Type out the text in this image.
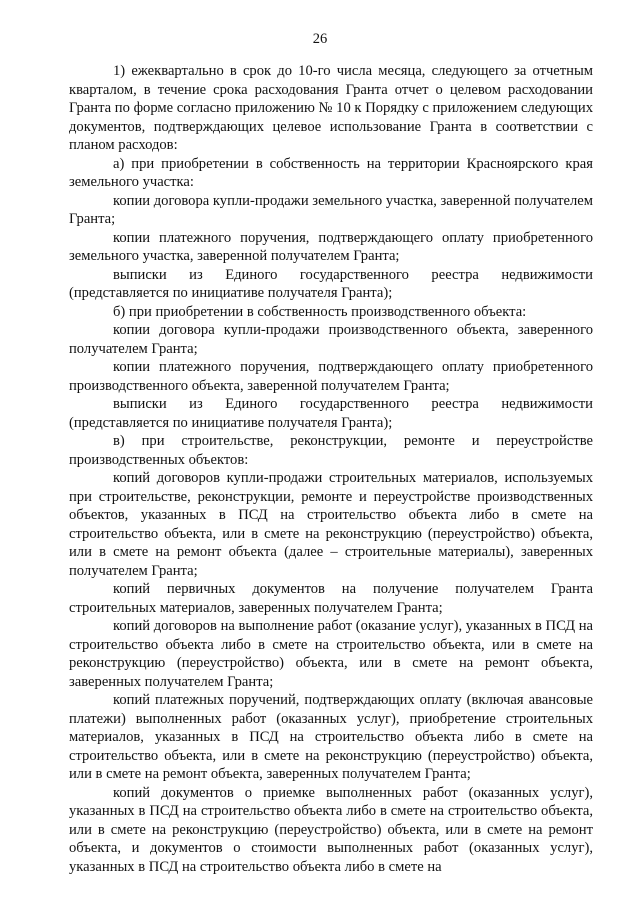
26

1) ежеквартально в срок до 10-го числа месяца, следующего за отчетным кварталом, в течение срока расходования Гранта отчет о целевом расходовании Гранта по форме согласно приложению № 10 к Порядку с приложением следующих документов, подтверждающих целевое использование Гранта в соответствии с планом расходов:

а) при приобретении в собственность на территории Красноярского края земельного участка:

копии договора купли-продажи земельного участка, заверенной получателем Гранта;

копии платежного поручения, подтверждающего оплату приобретенного земельного участка, заверенной получателем Гранта;

выписки из Единого государственного реестра недвижимости (представляется по инициативе получателя Гранта);

б) при приобретении в собственность производственного объекта:

копии договора купли-продажи производственного объекта, заверенного получателем Гранта;

копии платежного поручения, подтверждающего оплату приобретенного производственного объекта, заверенной получателем Гранта;

выписки из Единого государственного реестра недвижимости (представляется по инициативе получателя Гранта);

в) при строительстве, реконструкции, ремонте и переустройстве производственных объектов:

копий договоров купли-продажи строительных материалов, используемых при строительстве, реконструкции, ремонте и переустройстве производственных объектов, указанных в ПСД на строительство объекта либо в смете на строительство объекта, или в смете на реконструкцию (переустройство) объекта, или в смете на ремонт объекта (далее – строительные материалы), заверенных получателем Гранта;

копий первичных документов на получение получателем Гранта строительных материалов, заверенных получателем Гранта;

копий договоров на выполнение работ (оказание услуг), указанных в ПСД на строительство объекта либо в смете на строительство объекта, или в смете на реконструкцию (переустройство) объекта, или в смете на ремонт объекта, заверенных получателем Гранта;

копий платежных поручений, подтверждающих оплату (включая авансовые платежи) выполненных работ (оказанных услуг), приобретение строительных материалов, указанных в ПСД на строительство объекта либо в смете на строительство объекта, или в смете на реконструкцию (переустройство) объекта, или в смете на ремонт объекта, заверенных получателем Гранта;

копий документов о приемке выполненных работ (оказанных услуг), указанных в ПСД на строительство объекта либо в смете на строительство объекта, или в смете на реконструкцию (переустройство) объекта, или в смете на ремонт объекта, и документов о стоимости выполненных работ (оказанных услуг), указанных в ПСД на строительство объекта либо в смете на
